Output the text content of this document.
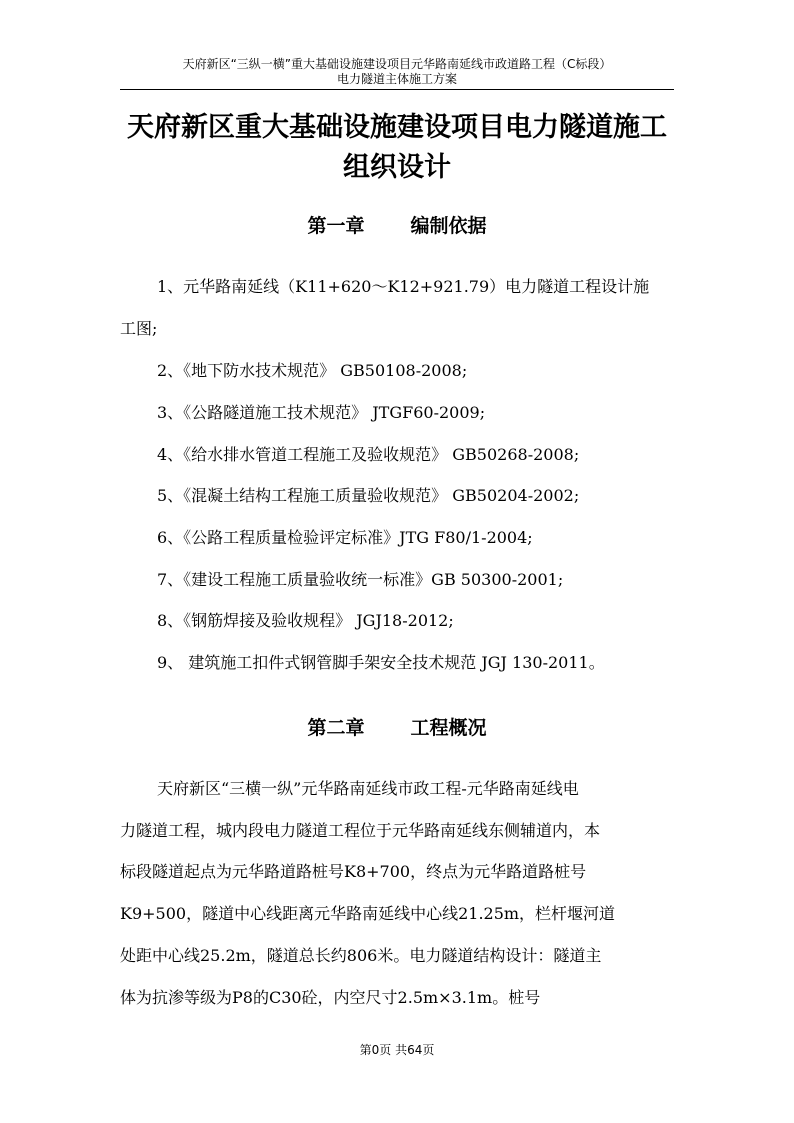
天府新区“三纵一横”重大基础设施建设项目元华路南延线市政道路工程（C标段）
电力隧道主体施工方案
天府新区重大基础设施建设项目电力隧道施工
组织设计
第一章 编制依据
1、元华路南延线（K11+620～K12+921.79）电力隧道工程设计施
工图;
2、《地下防水技术规范》 GB50108-2008;
3、《公路隧道施工技术规范》 JTGF60-2009;
4、《给水排水管道工程施工及验收规范》 GB50268-2008;
5、《混凝土结构工程施工质量验收规范》 GB50204-2002;
6、《公路工程质量检验评定标准》JTG F80/1-2004;
7、《建设工程施工质量验收统一标准》GB 50300-2001;
8、《钢筋焊接及验收规程》 JGJ18-2012;
9、 建筑施工扣件式钢管脚手架安全技术规范 JGJ 130-2011。
第二章 工程概况
天府新区“三横一纵”元华路南延线市政工程-元华路南延线电
力隧道工程，城内段电力隧道工程位于元华路南延线东侧辅道内，本
标段隧道起点为元华路道路桩号K8+700，终点为元华路道路桩号
K9+500，隧道中心线距离元华路南延线中心线21.25m，栏杆堰河道
处距中心线25.2m，隧道总长约806米。电力隧道结构设计：隧道主
体为抗渗等级为P8的C30砼，内空尺寸2.5m×3.1m。桩号
第0页 共64页
